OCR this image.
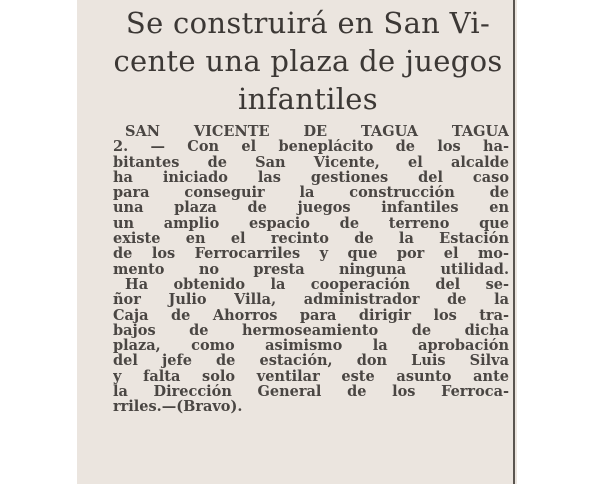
Se construirá en San Vi-
cente una plaza de juegos
infantiles
SAN VICENTE DE TAGUA TAGUA
2. — Con el beneplácito de los ha-
bitantes de San Vicente, el alcalde
ha iniciado las gestiones del caso
para conseguir la construcción de
una plaza de juegos infantiles en
un amplio espacio de terreno que
existe en el recinto de la Estación
de los Ferrocarriles y que por el mo-
mento no presta ninguna utilidad.
Ha obtenido la cooperación del se-
ñor Julio Villa, administrador de la
Caja de Ahorros para dirigir los tra-
bajos de hermoseamiento de dicha
plaza, como asimismo la aprobación
del jefe de estación, don Luis Silva
y falta solo ventilar este asunto ante
la Dirección General de los Ferroca-
rriles.—(Bravo).
